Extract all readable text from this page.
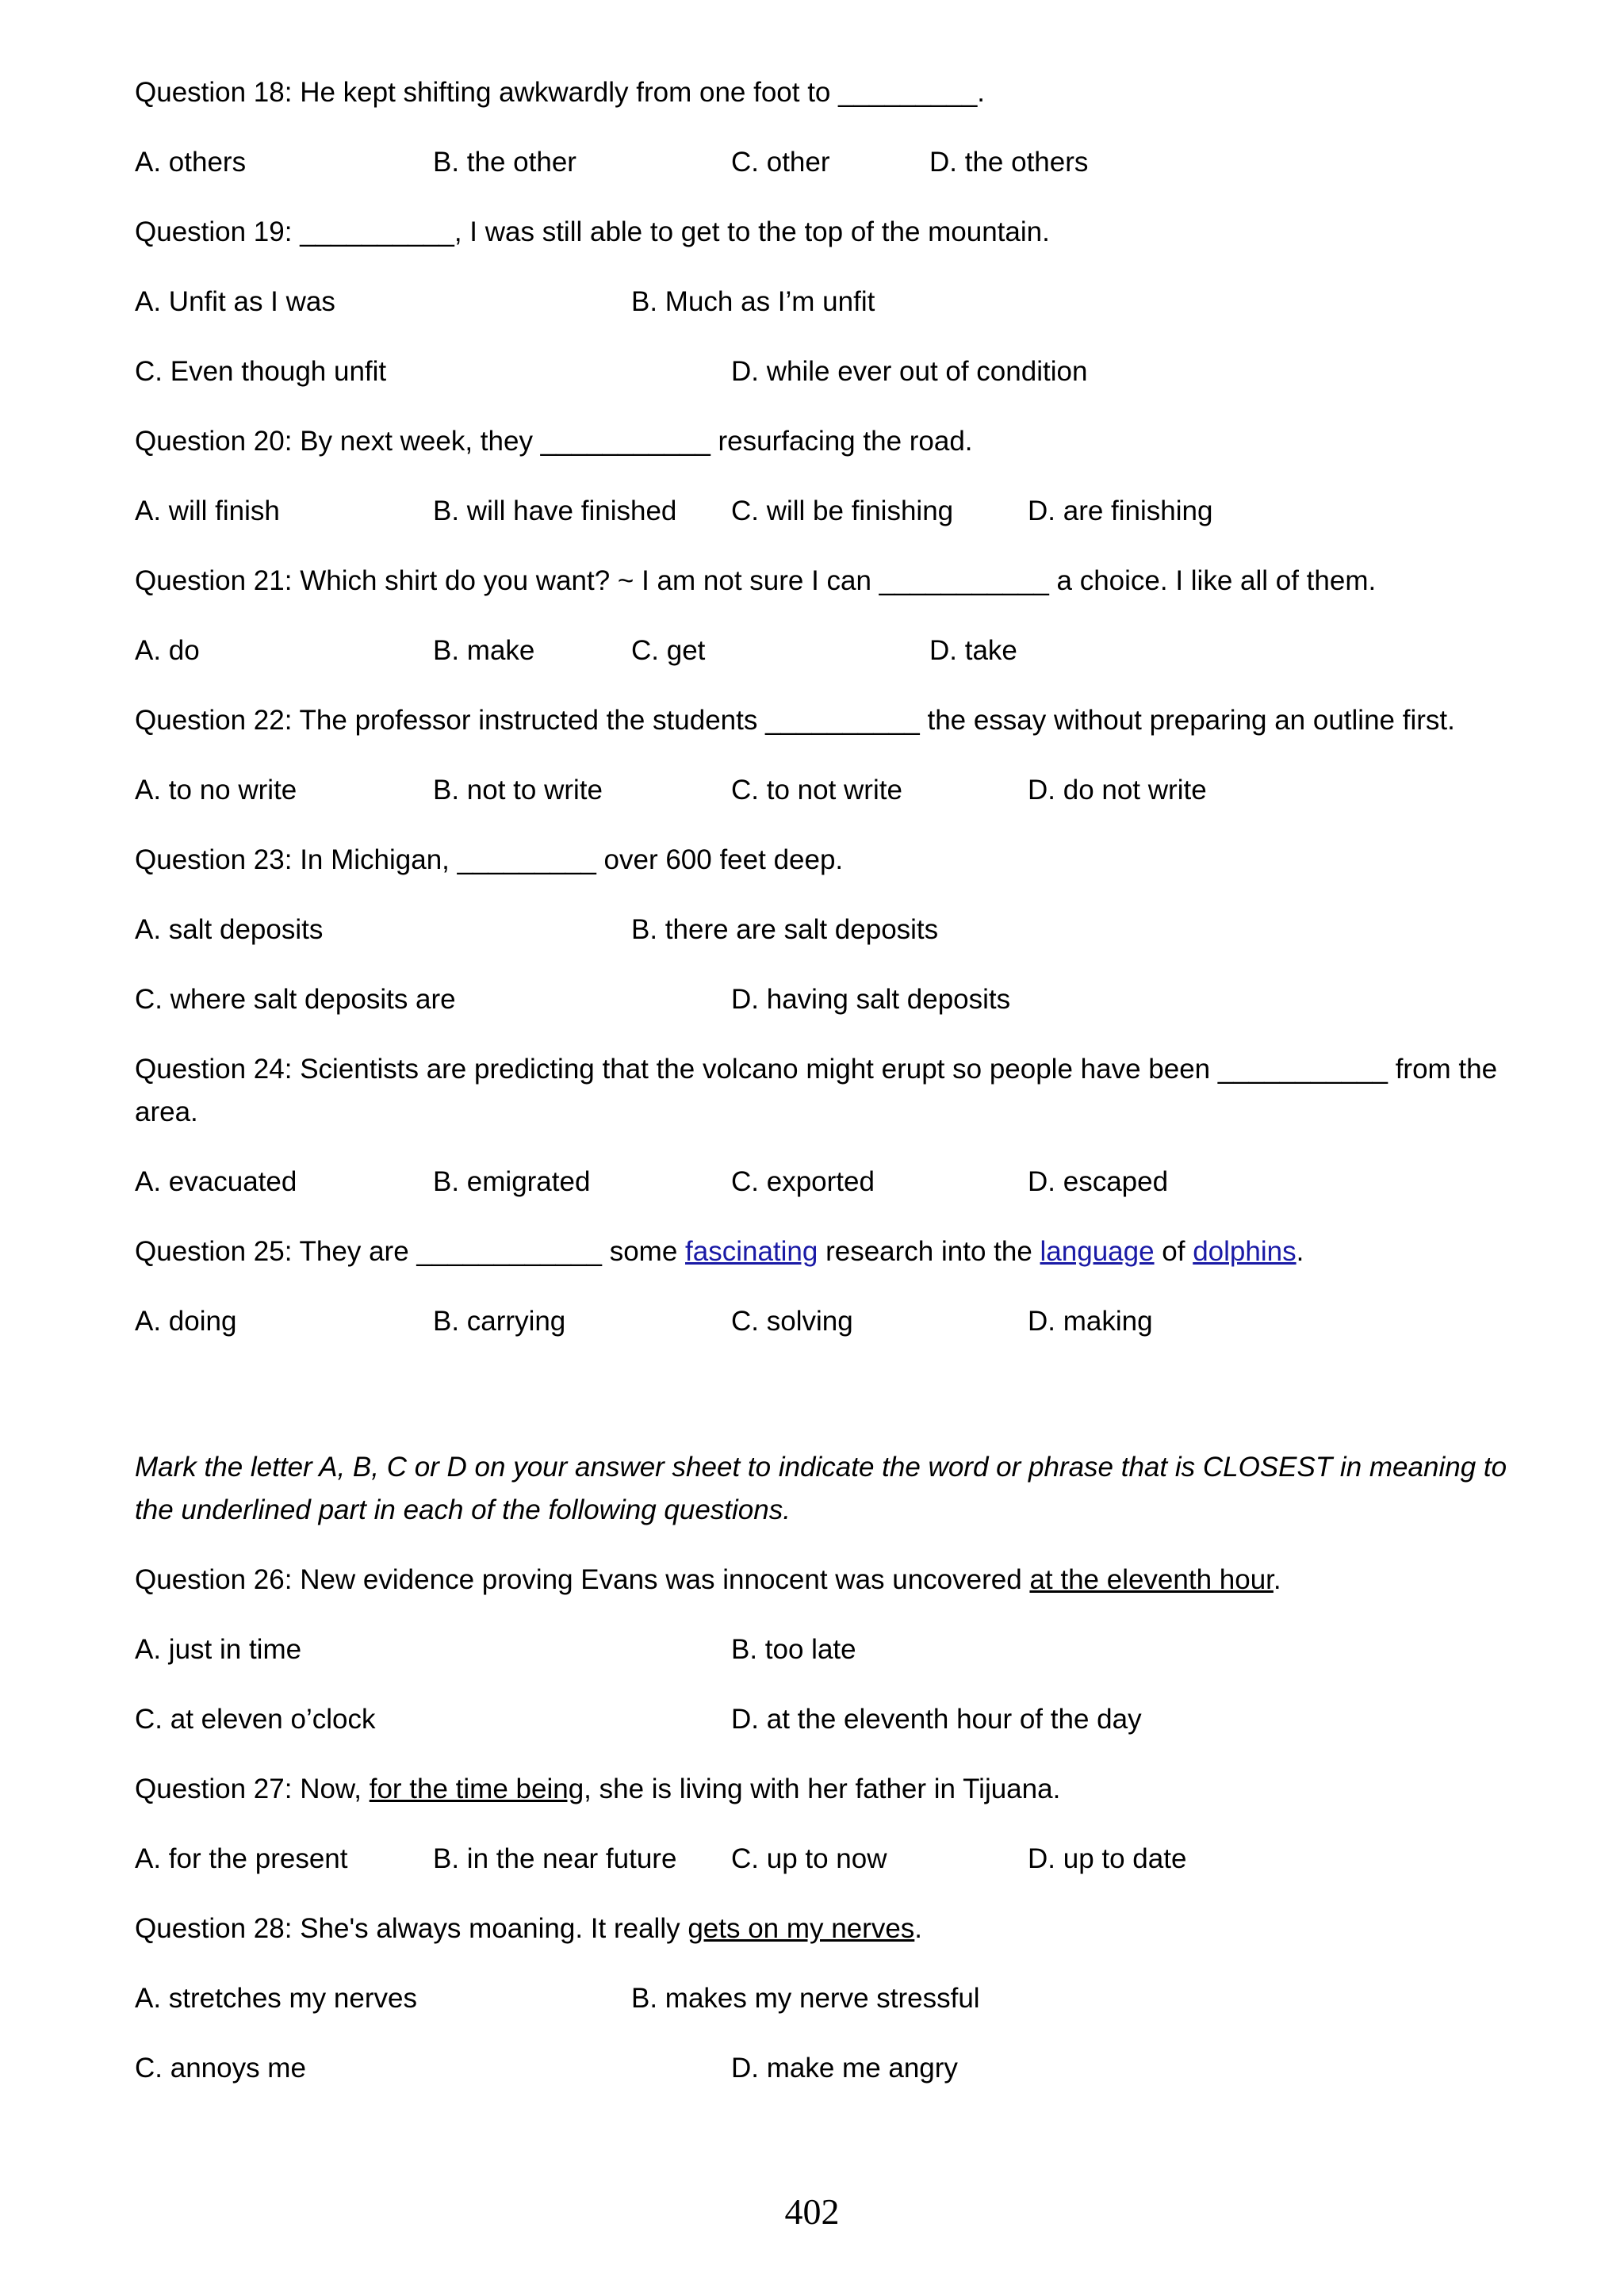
Question 18: He kept shifting awkwardly from one foot to _________.
A. others	B. the other	C. other	D. the others
Question 19: __________, I was still able to get to the top of the mountain.
A. Unfit as I was	B. Much as I’m unfit
C. Even though unfit	D. while ever out of condition
Question 20: By next week, they ___________ resurfacing the road.
A. will finish	B. will have finished C. will be finishing	D. are finishing
Question 21: Which shirt do you want? ~ I am not sure I can ___________ a choice. I like all of them.
A. do	B. make	C. get	D. take
Question 22: The professor instructed the students __________ the essay without preparing an outline first.
A. to no write	B. not to write	C. to not write	D. do not write
Question 23: In Michigan, _________ over 600 feet deep.
A. salt deposits	B. there are salt deposits
C. where salt deposits are	D. having salt deposits
Question 24: Scientists are predicting that the volcano might erupt so people have been ___________ from the area.
A. evacuated	B. emigrated	C. exported	D. escaped
Question 25: They are ____________ some fascinating research into the language of dolphins.
A. doing	B. carrying	C. solving	D. making
Mark the letter A, B, C or D on your answer sheet to indicate the word or phrase that is CLOSEST in meaning to the underlined part in each of the following questions.
Question 26: New evidence proving Evans was innocent was uncovered at the eleventh hour.
A. just in time	B. too late
C. at eleven o’clock	D. at the eleventh hour of the day
Question 27: Now, for the time being, she is living with her father in Tijuana.
A. for the present	B. in the near future C. up to now	D. up to date
Question 28: She's always moaning. It really gets on my nerves.
A. stretches my nerves	B. makes my nerve stressful
C. annoys me	D. make me angry
402
